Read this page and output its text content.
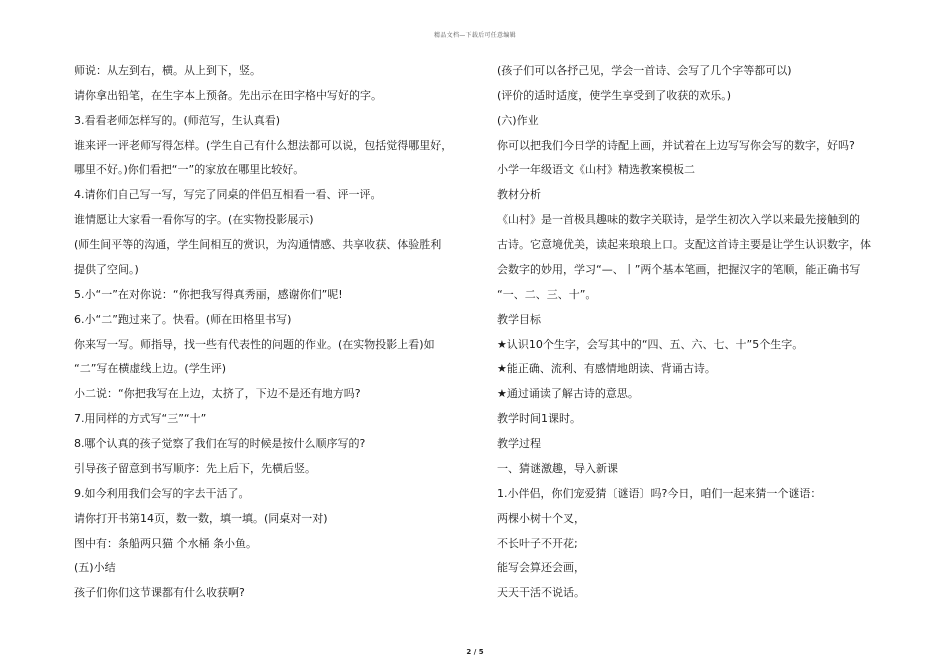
精品文档—下载后可任意编辑
师说：从左到右，横。从上到下，竖。
请你拿出铅笔，在生字本上预备。先出示在田字格中写好的字。
3.看看老师怎样写的。(师范写，生认真看)
谁来评一评老师写得怎样。(学生自己有什么想法都可以说，包括觉得哪里好，
哪里不好。)你们看把“一”的家放在哪里比较好。
4.请你们自己写一写，写完了同桌的伴侣互相看一看、评一评。
谁情愿让大家看一看你写的字。(在实物投影展示)
(师生间平等的沟通，学生间相互的赏识，为沟通情感、共享收获、体验胜利
提供了空间。)
5.小“一”在对你说：“你把我写得真秀丽，感谢你们”呢!
6.小“二”跑过来了。快看。(师在田格里书写)
你来写一写。师指导，找一些有代表性的问题的作业。(在实物投影上看)如
“二”写在横虚线上边。(学生评)
小二说：“你把我写在上边，太挤了，下边不是还有地方吗?
7.用同样的方式写“三”“十”
8.哪个认真的孩子觉察了我们在写的时候是按什么顺序写的?
引导孩子留意到书写顺序：先上后下，先横后竖。
9.如今利用我们会写的字去干活了。
请你打开书第14页，数一数，填一填。(同桌对一对)
图中有：条船两只猫 个水桶 条小鱼。
(五)小结
孩子们你们这节课都有什么收获啊?
(孩子们可以各抒己见，学会一首诗、会写了几个字等都可以)
(评价的适时适度，使学生享受到了收获的欢乐。)
(六)作业
你可以把我们今日学的诗配上画，并试着在上边写写你会写的数字，好吗?
小学一年级语文《山村》精选教案模板二
教材分析
《山村》是一首极具趣味的数字关联诗，是学生初次入学以来最先接触到的
古诗。它意境优美，读起来琅琅上口。支配这首诗主要是让学生认识数字，体
会数字的妙用，学习“—、丨”两个基本笔画，把握汉字的笔顺，能正确书写
“一、二、三、十”。
教学目标
★认识10个生字，会写其中的“四、五、六、七、十”5个生字。
★能正确、流利、有感情地朗读、背诵古诗。
★通过诵读了解古诗的意思。
教学时间1课时。
教学过程
一、猜谜激趣，导入新课
1.小伴侣，你们宠爱猜〔谜语〕吗?今日，咱们一起来猜一个谜语：
两棵小树十个叉，
不长叶子不开花;
能写会算还会画，
天天干活不说话。
2 / 5
